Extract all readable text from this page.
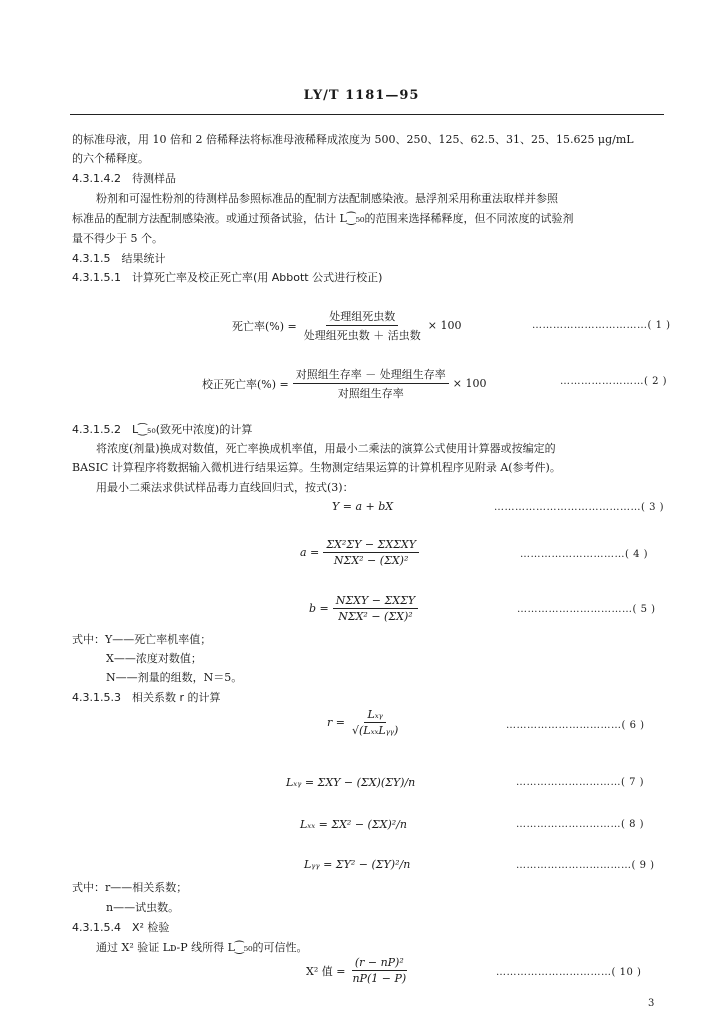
LY/T 1181—95
的标准母液，用 10 倍和 2 倍稀释法将标准母液稀释成浓度为 500、250、125、62.5、31、25、15.625 μg/mL
的六个稀释度。
4.3.1.4.2　待测样品
粉剂和可湿性粉剂的待测样品参照标准品的配制方法配制感染液。悬浮剂采用称重法取样并参照
标准品的配制方法配制感染液。或通过预备试验，估计 L⁐₅₀的范围来选择稀释度，但不同浓度的试验剂
量不得少于 5 个。
4.3.1.5　结果统计
4.3.1.5.1　计算死亡率及校正死亡率(用 Abbott 公式进行校正)
死亡率(%) = $\frac{\text{处理组死虫数}}{\text{处理组死虫数 ＋ 活虫数}} \times 100$	……………………………( 1 )
校正死亡率(%) = $\frac{\text{对照组生存率 － 处理组生存率}}{\text{对照组生存率}} \times 100$	……………………( 2 )
4.3.1.5.2　L⁐₅₀(致死中浓度)的计算
将浓度(剂量)换成对数值，死亡率换成机率值，用最小二乘法的演算公式使用计算器或按编定的
BASIC 计算程序将数据输入微机进行结果运算。生物测定结果运算的计算机程序见附录 A(参考件)。
用最小二乘法求供试样品毒力直线回归式，按式(3)：
Y = a + bX	……………………………………( 3 )
$a = \frac{\text{ΣX²ΣY − ΣXΣXY}}{\text{NΣX² − (ΣX)²}}$	…………………………( 4 )
$b = \frac{\text{NΣXY − ΣXΣY}}{\text{NΣX² − (ΣX)²}}$	……………………………( 5 )
式中：Y——死亡率机率值；
X——浓度对数值；
N——剂量的组数，N＝5。
4.3.1.5.3　相关系数 r 的计算
$r = \frac{\text{Lₓᵧ}}{\text{√(LₓₓLᵧᵧ)}}$	……………………………( 6 )
Lₓᵧ = ΣXY − (ΣX)(ΣY)/n	…………………………( 7 )
Lₓₓ = ΣX² − (ΣX)²/n	…………………………( 8 )
Lᵧᵧ = ΣY² − (ΣY)²/n	……………………………( 9 )
式中：r——相关系数；
n——试虫数。
4.3.1.5.4　X² 检验
通过 X² 验证 Lᴅ-P 线所得 L⁐₅₀的可信性。
X² 值 = $\frac{\text{(r − nP)²}}{nP(1 - P)}$	……………………………( 10 )
3
